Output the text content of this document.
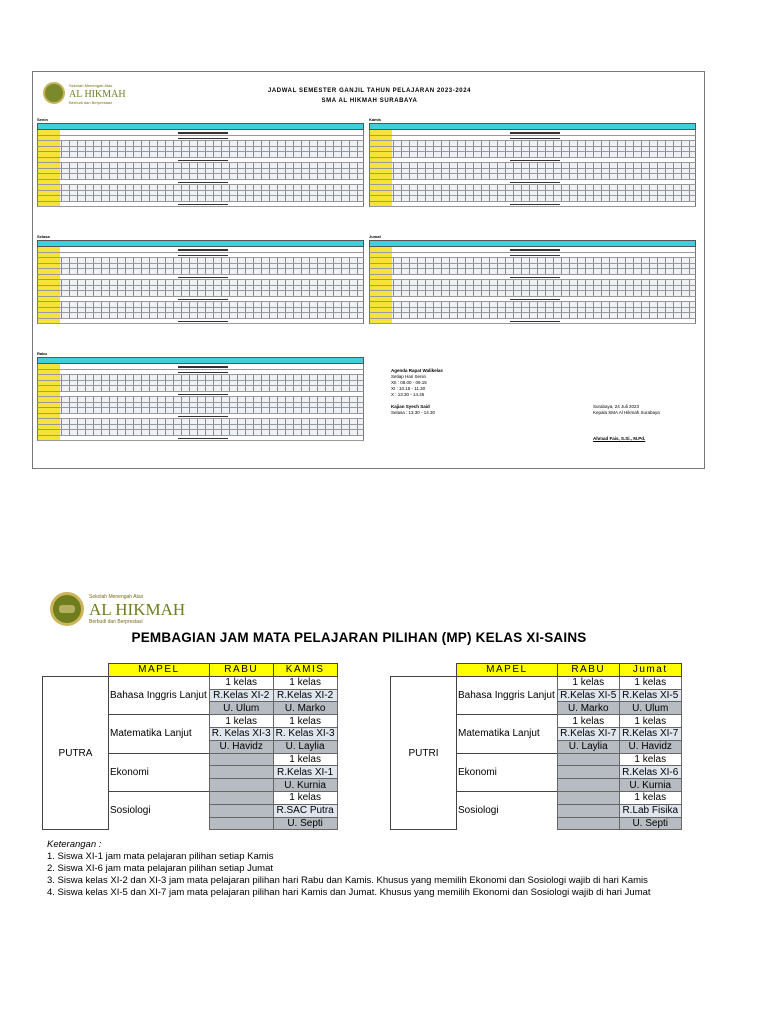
Sekolah Menengah Atas
AL HIKMAH
Berbudi dan Berprestasi
JADWAL SEMESTER GANJIL TAHUN PELAJARAN 2023-2024
SMA AL HIKMAH SURABAYA
Senin	Kamis
Selasa	Jumat
Rabu
Agenda Rapat Walikelas
Setiap Hari Senin
XII : 08.00 - 09.15
XI : 10.15 - 11.30
X : 13.30 - 14.45
Kajian Syech Said
Selasa : 13.30 - 14.30
Surabaya, 24 Juli 2023
Kepala SMA Al Hikmah Surabaya
Ahmad Fais, S.Si., M.Pd.
Sekolah Menengah Atas
AL HIKMAH
Berbudi dan Berprestasi
PEMBAGIAN JAM MATA PELAJARAN PILIHAN (MP) KELAS XI-SAINS
	MAPEL	RABU	KAMIS
PUTRA	Bahasa Inggris Lanjut	1 kelas	1 kelas
		R.Kelas XI-2	R.Kelas XI-2
		U. Ulum	U. Marko
	Matematika Lanjut	1 kelas	1 kelas
		R. Kelas XI-3	R. Kelas XI-3
		U. Havidz	U. Laylia
	Ekonomi		1 kelas
			R.Kelas XI-1
			U. Kurnia
	Sosiologi		1 kelas
			R.SAC Putra
			U. Septi
	MAPEL	RABU	Jumat
PUTRI	Bahasa Inggris Lanjut	1 kelas	1 kelas
		R.Kelas XI-5	R.Kelas XI-5
		U. Marko	U. Ulum
	Matematika Lanjut	1 kelas	1 kelas
		R.Kelas XI-7	R.Kelas XI-7
		U. Laylia	U. Havidz
	Ekonomi		1 kelas
			R.Kelas XI-6
			U. Kurnia
	Sosiologi		1 kelas
			R.Lab Fisika
			U. Septi
Keterangan :
1. Siswa XI-1 jam mata pelajaran pilihan setiap Kamis
2. Siswa XI-6 jam mata pelajaran pilihan setiap Jumat
3. Siswa kelas XI-2 dan XI-3 jam mata pelajaran pilihan hari Rabu dan Kamis. Khusus yang memilih Ekonomi dan Sosiologi wajib di hari Kamis
4. Siswa kelas XI-5 dan XI-7 jam mata pelajaran pilihan hari Kamis dan Jumat. Khusus yang memilih Ekonomi dan Sosiologi wajib di hari Jumat
